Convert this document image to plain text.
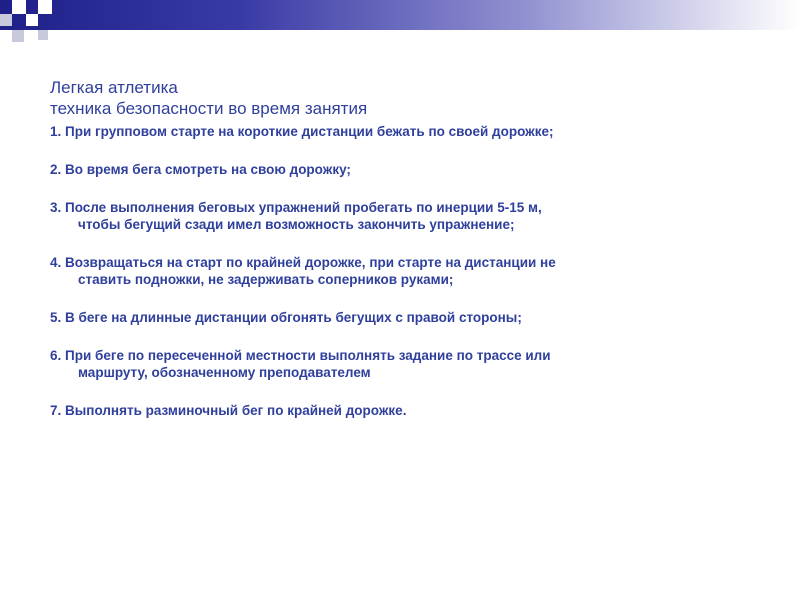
Легкая атлетика
техника безопасности во время занятия
1. При групповом старте на короткие дистанции бежать по своей дорожке;
2. Во время бега смотреть на свою дорожку;
3. После выполнения беговых упражнений пробегать по инерции 5-15 м,
чтобы бегущий сзади имел возможность закончить упражнение;
4. Возвращаться на старт по крайней дорожке, при старте на дистанции не
ставить подножки, не задерживать соперников руками;
5. В беге на длинные дистанции обгонять бегущих с правой стороны;
6. При беге по пересеченной местности выполнять задание по трассе или
маршруту, обозначенному преподавателем
7. Выполнять разминочный бег по крайней дорожке.
